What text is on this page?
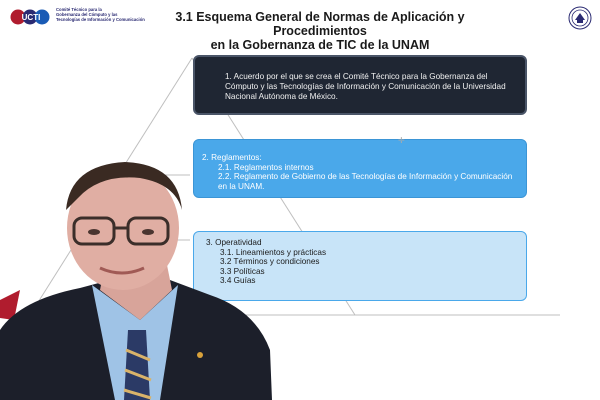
UCTI
Comité Técnico para la
Gobernanza del Cómputo y las
Tecnologías de Información y Comunicación	3.1 Esquema General de Normas de Aplicación y Procedimientos
en la Gobernanza de TIC de la UNAM
1. Acuerdo por el que se crea el Comité Técnico para la Gobernanza del Cómputo y las Tecnologías de Información y Comunicación de la Universidad Nacional Autónoma de México.
2. Reglamentos:
2.1. Reglamentos internos
2.2. Reglamento de Gobierno de las Tecnologías de Información y Comunicación en la UNAM.
✛
3. Operatividad
3.1. Lineamientos y prácticas
3.2 Términos y condiciones
3.3 Políticas
3.4 Guías
